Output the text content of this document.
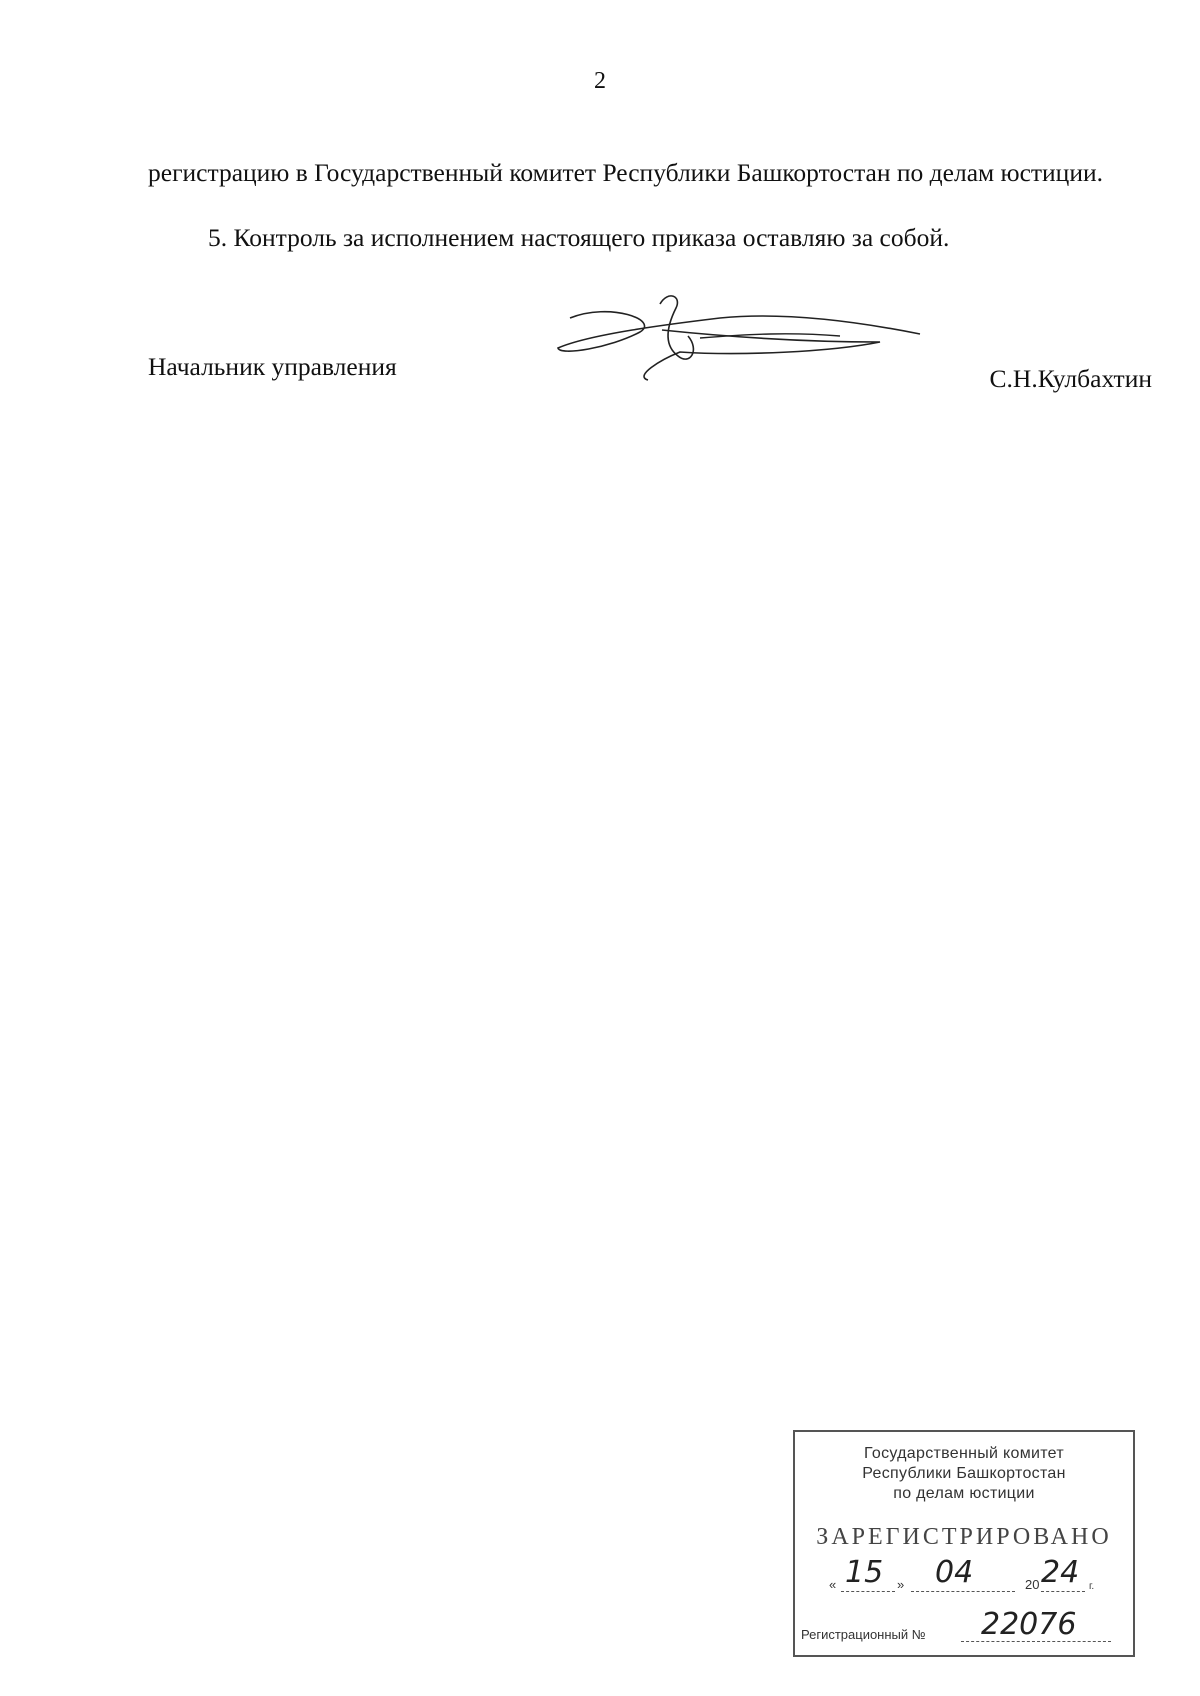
2
регистрацию в Государственный комитет Республики Башкортостан по делам юстиции.
5. Контроль за исполнением настоящего приказа оставляю за собой.
Начальник управления	С.Н.Кулбахтин
Государственный комитет
Республики Башкортостан
по делам юстиции
ЗАРЕГИСТРИРОВАНО
« 15 » 04	20 24 г.
Регистрационный № 22076
